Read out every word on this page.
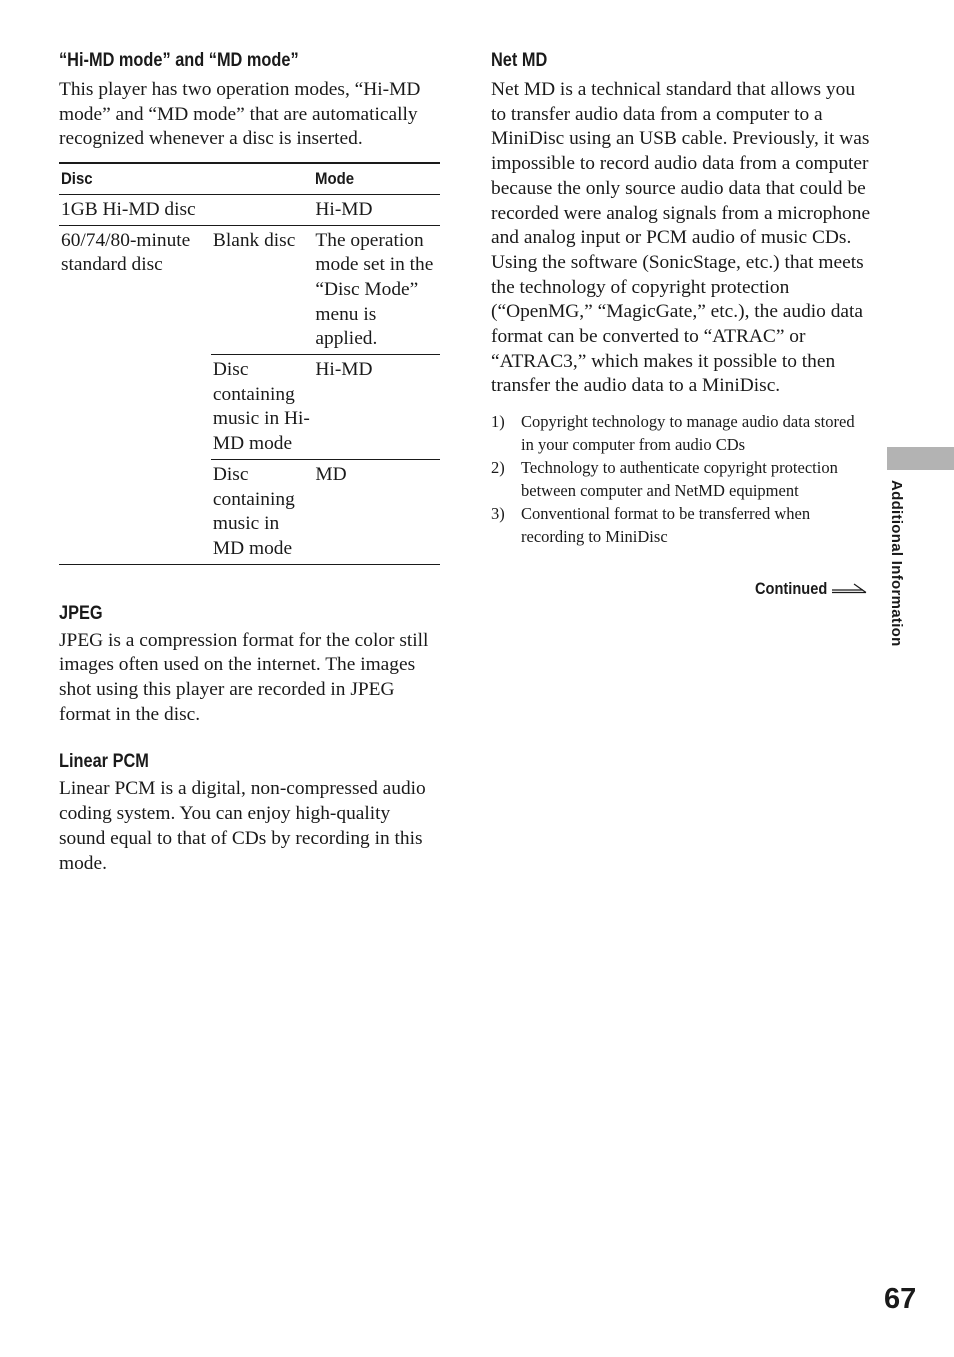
“Hi-MD mode” and “MD mode”

This player has two operation modes, “Hi-MD mode” and “MD mode” that are automatically recognized whenever a disc is inserted.

Disc		Mode
1GB Hi-MD disc		Hi-MD
60/74/80-minute standard disc	Blank disc	The operation mode set in the “Disc Mode” menu is applied.
	Disc containing music in Hi-MD mode	Hi-MD
	Disc containing music in MD mode	MD
JPEG

JPEG is a compression format for the color still images often used on the internet. The images shot using this player are recorded in JPEG format in the disc.

Linear PCM

Linear PCM is a digital, non-compressed audio coding system. You can enjoy high-quality sound equal to that of CDs by recording in this mode.

Net MD

Net MD is a technical standard that allows you to transfer audio data from a computer to a MiniDisc using an USB cable. Previously, it was impossible to record audio data from a computer because the only source audio data that could be recorded were analog signals from a microphone and analog input or PCM audio of music CDs. Using the software (SonicStage, etc.) that meets the technology of copyright protection (“OpenMG,” “MagicGate,” etc.), the audio data format can be converted to “ATRAC” or “ATRAC3,” which makes it possible to then transfer the audio data to a MiniDisc.

1) Copyright technology to manage audio data stored in your computer from audio CDs
2) Technology to authenticate copyright protection between computer and NetMD equipment
3) Conventional format to be transferred when recording to MiniDisc
Continued	Additional Information
67
